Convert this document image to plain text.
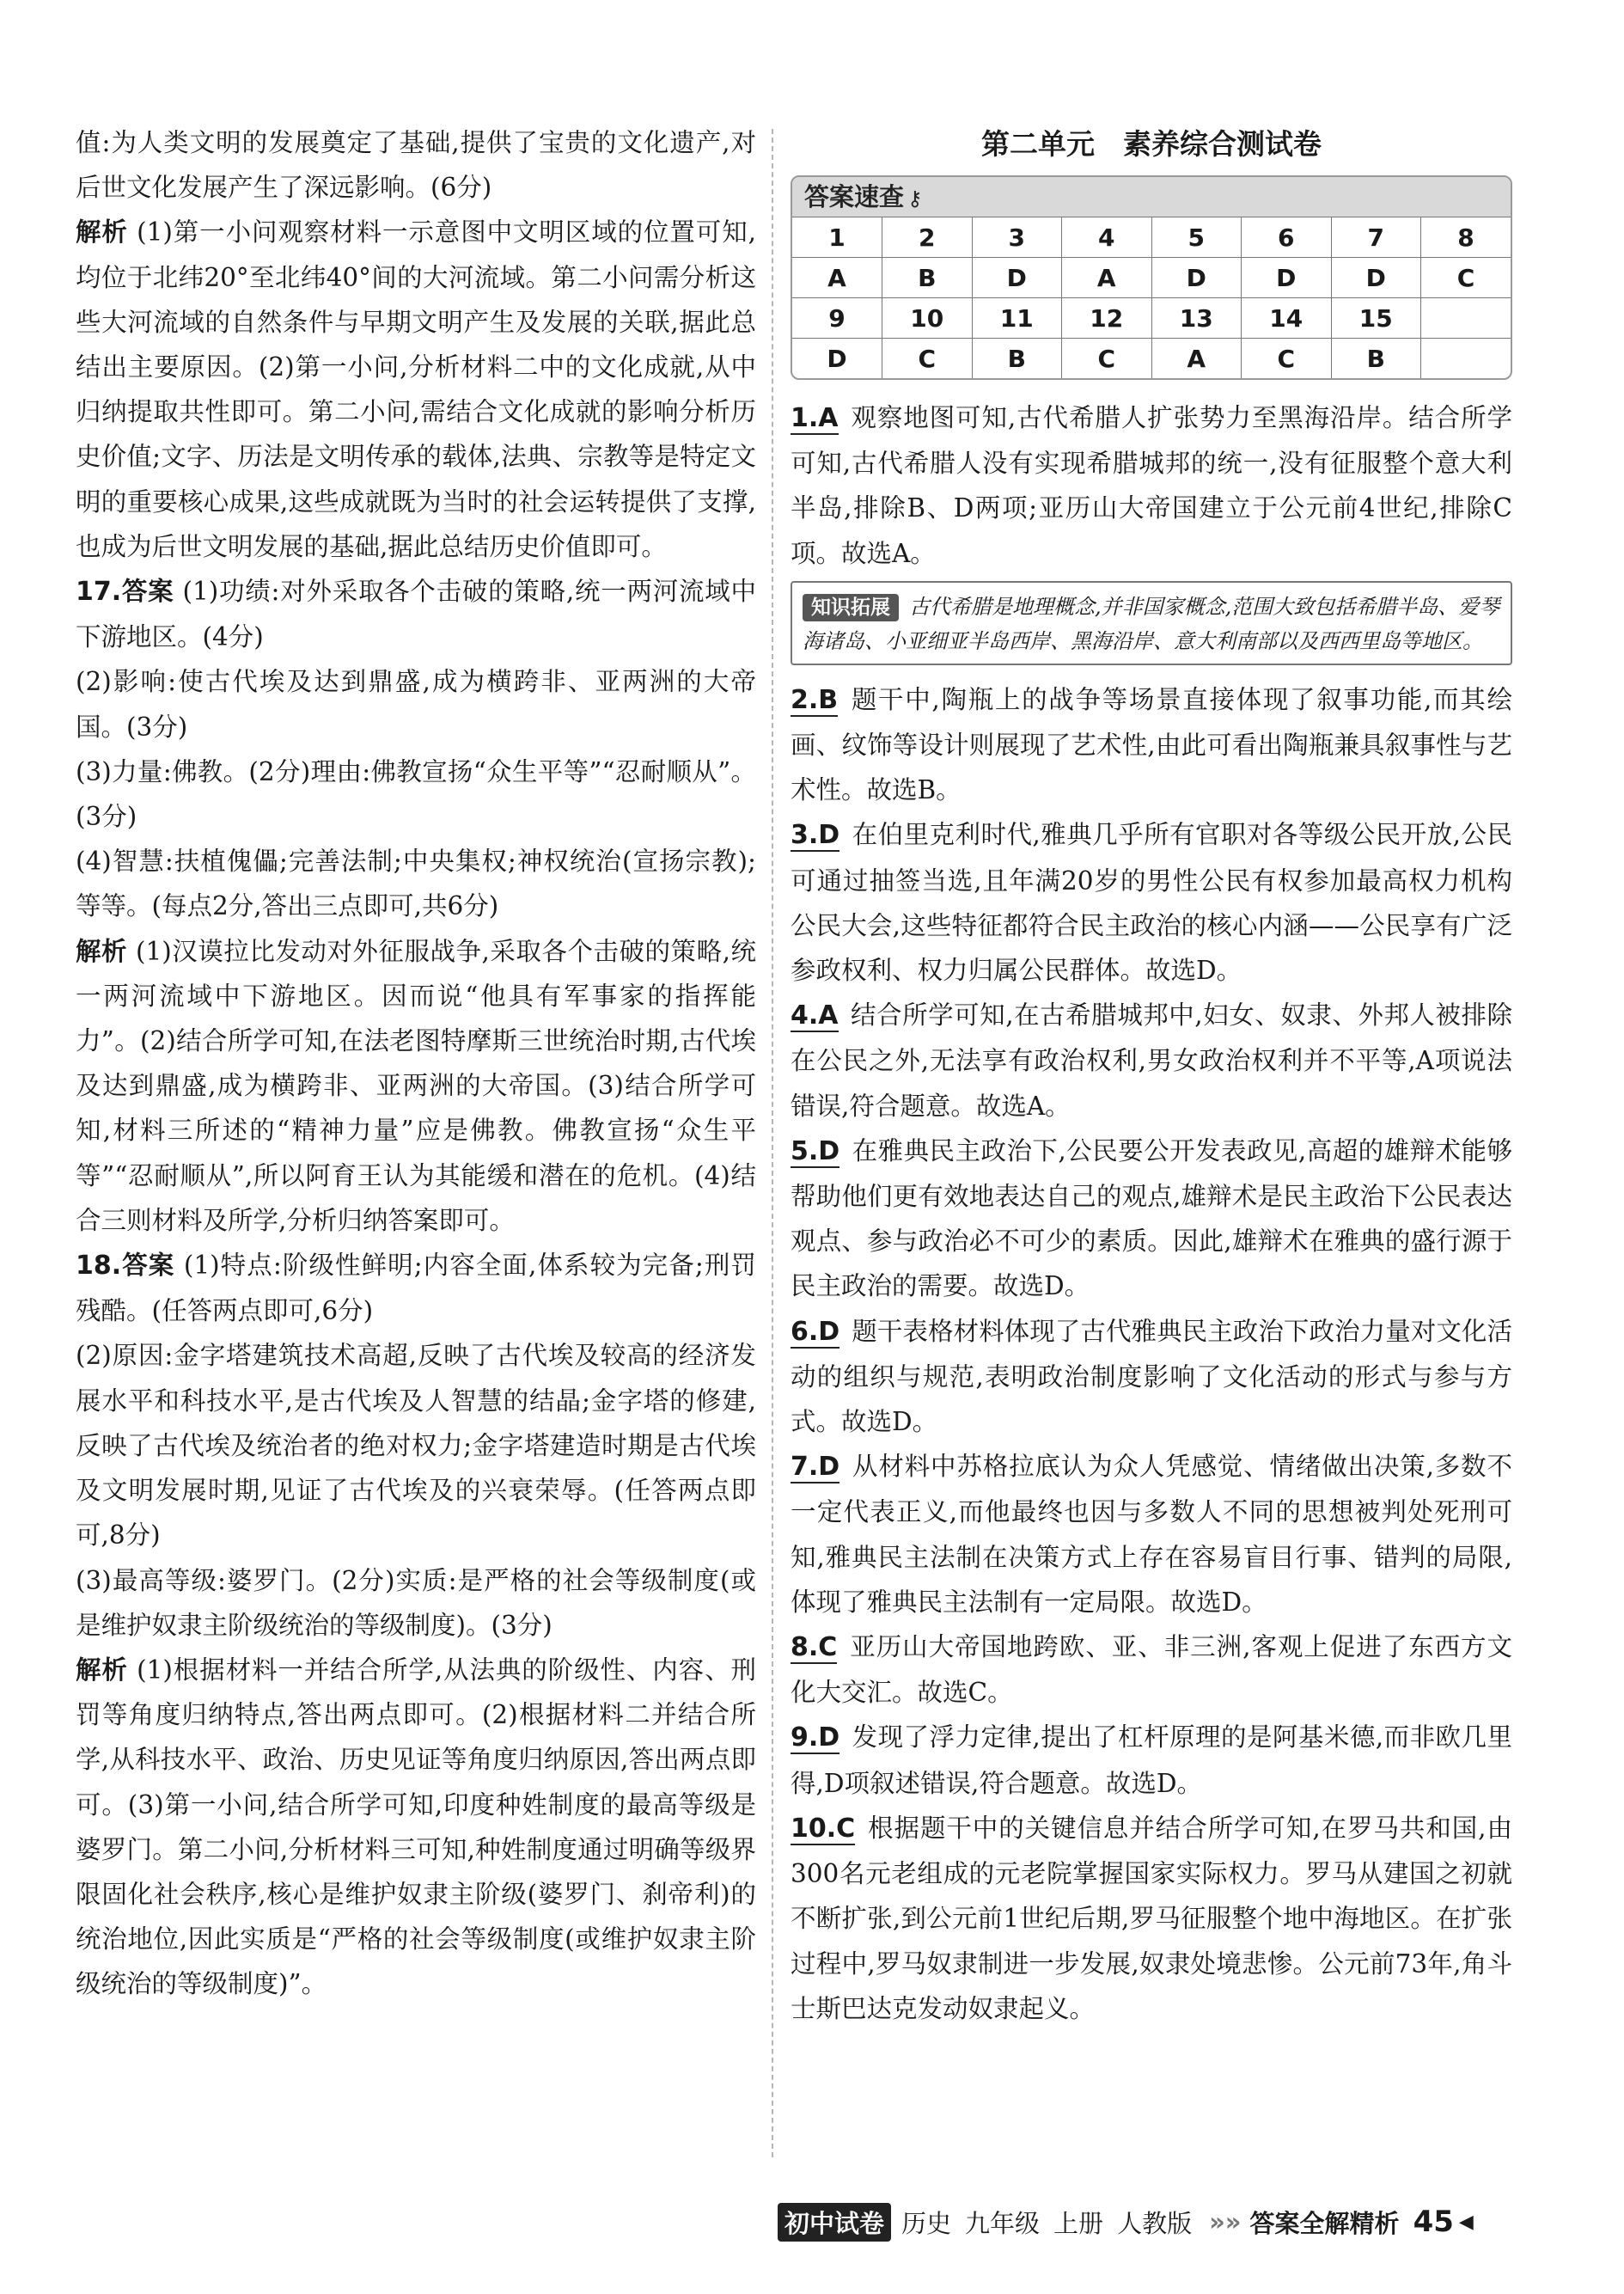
值:为人类文明的发展奠定了基础,提供了宝贵的文化遗产,对后世文化发展产生了深远影响。(6分)

解析 (1)第一小问观察材料一示意图中文明区域的位置可知,均位于北纬20°至北纬40°间的大河流域。第二小问需分析这些大河流域的自然条件与早期文明产生及发展的关联,据此总结出主要原因。(2)第一小问,分析材料二中的文化成就,从中归纳提取共性即可。第二小问,需结合文化成就的影响分析历史价值;文字、历法是文明传承的载体,法典、宗教等是特定文明的重要核心成果,这些成就既为当时的社会运转提供了支撑,也成为后世文明发展的基础,据此总结历史价值即可。

17.答案 (1)功绩:对外采取各个击破的策略,统一两河流域中下游地区。(4分)

(2)影响:使古代埃及达到鼎盛,成为横跨非、亚两洲的大帝国。(3分)

(3)力量:佛教。(2分)理由:佛教宣扬“众生平等”“忍耐顺从”。(3分)

(4)智慧:扶植傀儡;完善法制;中央集权;神权统治(宣扬宗教);等等。(每点2分,答出三点即可,共6分)

解析 (1)汉谟拉比发动对外征服战争,采取各个击破的策略,统一两河流域中下游地区。因而说“他具有军事家的指挥能力”。(2)结合所学可知,在法老图特摩斯三世统治时期,古代埃及达到鼎盛,成为横跨非、亚两洲的大帝国。(3)结合所学可知,材料三所述的“精神力量”应是佛教。佛教宣扬“众生平等”“忍耐顺从”,所以阿育王认为其能缓和潜在的危机。(4)结合三则材料及所学,分析归纳答案即可。

18.答案 (1)特点:阶级性鲜明;内容全面,体系较为完备;刑罚残酷。(任答两点即可,6分)

(2)原因:金字塔建筑技术高超,反映了古代埃及较高的经济发展水平和科技水平,是古代埃及人智慧的结晶;金字塔的修建,反映了古代埃及统治者的绝对权力;金字塔建造时期是古代埃及文明发展时期,见证了古代埃及的兴衰荣辱。(任答两点即可,8分)

(3)最高等级:婆罗门。(2分)实质:是严格的社会等级制度(或是维护奴隶主阶级统治的等级制度)。(3分)

解析 (1)根据材料一并结合所学,从法典的阶级性、内容、刑罚等角度归纳特点,答出两点即可。(2)根据材料二并结合所学,从科技水平、政治、历史见证等角度归纳原因,答出两点即可。(3)第一小问,结合所学可知,印度种姓制度的最高等级是婆罗门。第二小问,分析材料三可知,种姓制度通过明确等级界限固化社会秩序,核心是维护奴隶主阶级(婆罗门、刹帝利)的统治地位,因此实质是“严格的社会等级制度(或维护奴隶主阶级统治的等级制度)”。

第二单元　素养综合测试卷
答案速查 ⚷
1	2	3	4	5	6	7	8
A	B	D	A	D	D	D	C
9	10	11	12	13	14	15	
D	C	B	C	A	C	B	

1.A 观察地图可知,古代希腊人扩张势力至黑海沿岸。结合所学可知,古代希腊人没有实现希腊城邦的统一,没有征服整个意大利半岛,排除B、D两项;亚历山大帝国建立于公元前4世纪,排除C项。故选A。

知识拓展 古代希腊是地理概念,并非国家概念,范围大致包括希腊半岛、爱琴海诸岛、小亚细亚半岛西岸、黑海沿岸、意大利南部以及西西里岛等地区。

2.B 题干中,陶瓶上的战争等场景直接体现了叙事功能,而其绘画、纹饰等设计则展现了艺术性,由此可看出陶瓶兼具叙事性与艺术性。故选B。

3.D 在伯里克利时代,雅典几乎所有官职对各等级公民开放,公民可通过抽签当选,且年满20岁的男性公民有权参加最高权力机构公民大会,这些特征都符合民主政治的核心内涵——公民享有广泛参政权利、权力归属公民群体。故选D。

4.A 结合所学可知,在古希腊城邦中,妇女、奴隶、外邦人被排除在公民之外,无法享有政治权利,男女政治权利并不平等,A项说法错误,符合题意。故选A。

5.D 在雅典民主政治下,公民要公开发表政见,高超的雄辩术能够帮助他们更有效地表达自己的观点,雄辩术是民主政治下公民表达观点、参与政治必不可少的素质。因此,雄辩术在雅典的盛行源于民主政治的需要。故选D。

6.D 题干表格材料体现了古代雅典民主政治下政治力量对文化活动的组织与规范,表明政治制度影响了文化活动的形式与参与方式。故选D。

7.D 从材料中苏格拉底认为众人凭感觉、情绪做出决策,多数不一定代表正义,而他最终也因与多数人不同的思想被判处死刑可知,雅典民主法制在决策方式上存在容易盲目行事、错判的局限,体现了雅典民主法制有一定局限。故选D。

8.C 亚历山大帝国地跨欧、亚、非三洲,客观上促进了东西方文化大交汇。故选C。

9.D 发现了浮力定律,提出了杠杆原理的是阿基米德,而非欧几里得,D项叙述错误,符合题意。故选D。

10.C 根据题干中的关键信息并结合所学可知,在罗马共和国,由300名元老组成的元老院掌握国家实际权力。罗马从建国之初就不断扩张,到公元前1世纪后期,罗马征服整个地中海地区。在扩张过程中,罗马奴隶制进一步发展,奴隶处境悲惨。公元前73年,角斗士斯巴达克发动奴隶起义。

初中试卷 历史 九年级 上册 人教版 »» 答案全解精析 45 ◀
